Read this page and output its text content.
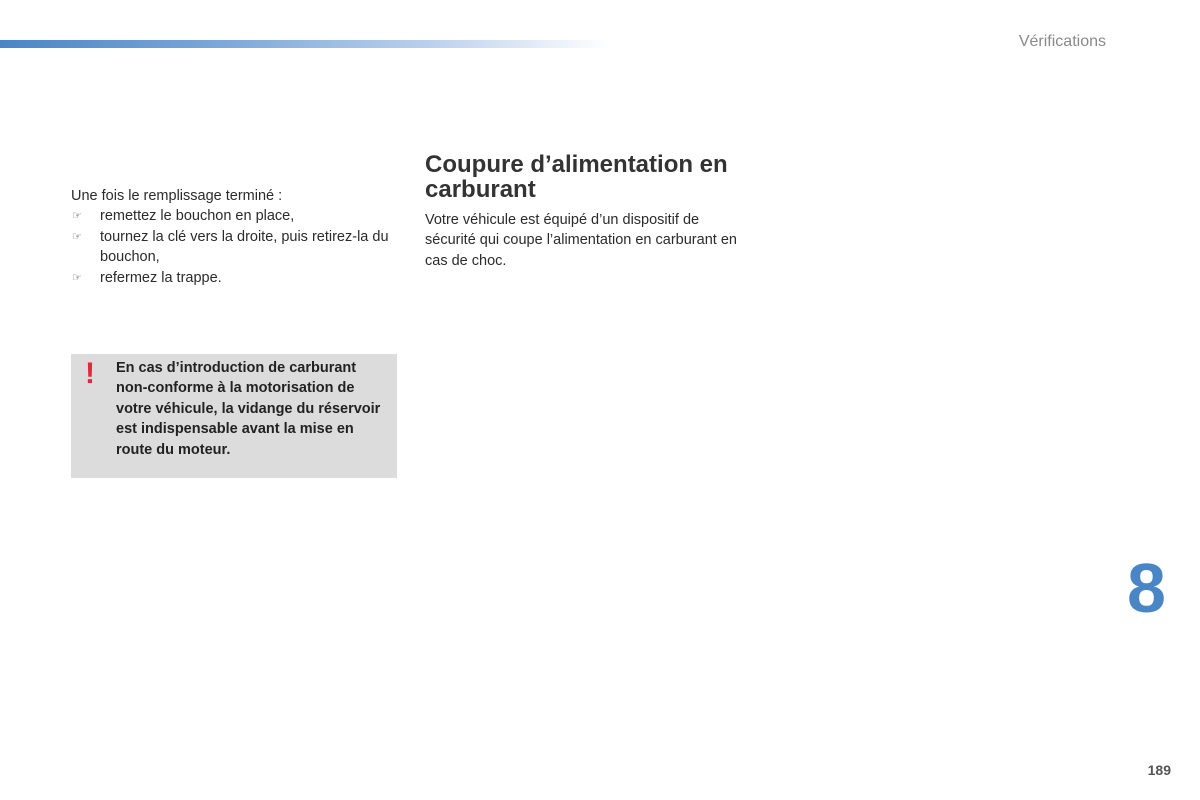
Vérifications

Une fois le remplissage terminé :

☞ remettez le bouchon en place,
☞ tournez la clé vers la droite, puis retirez-la du bouchon,
☞ refermez la trappe.
! En cas d’introduction de carburant non-conforme à la motorisation de votre véhicule, la vidange du réservoir est indispensable avant la mise en route du moteur.
Coupure d’alimentation en carburant

Votre véhicule est équipé d’un dispositif de sécurité qui coupe l’alimentation en carburant en cas de choc.

8
189
